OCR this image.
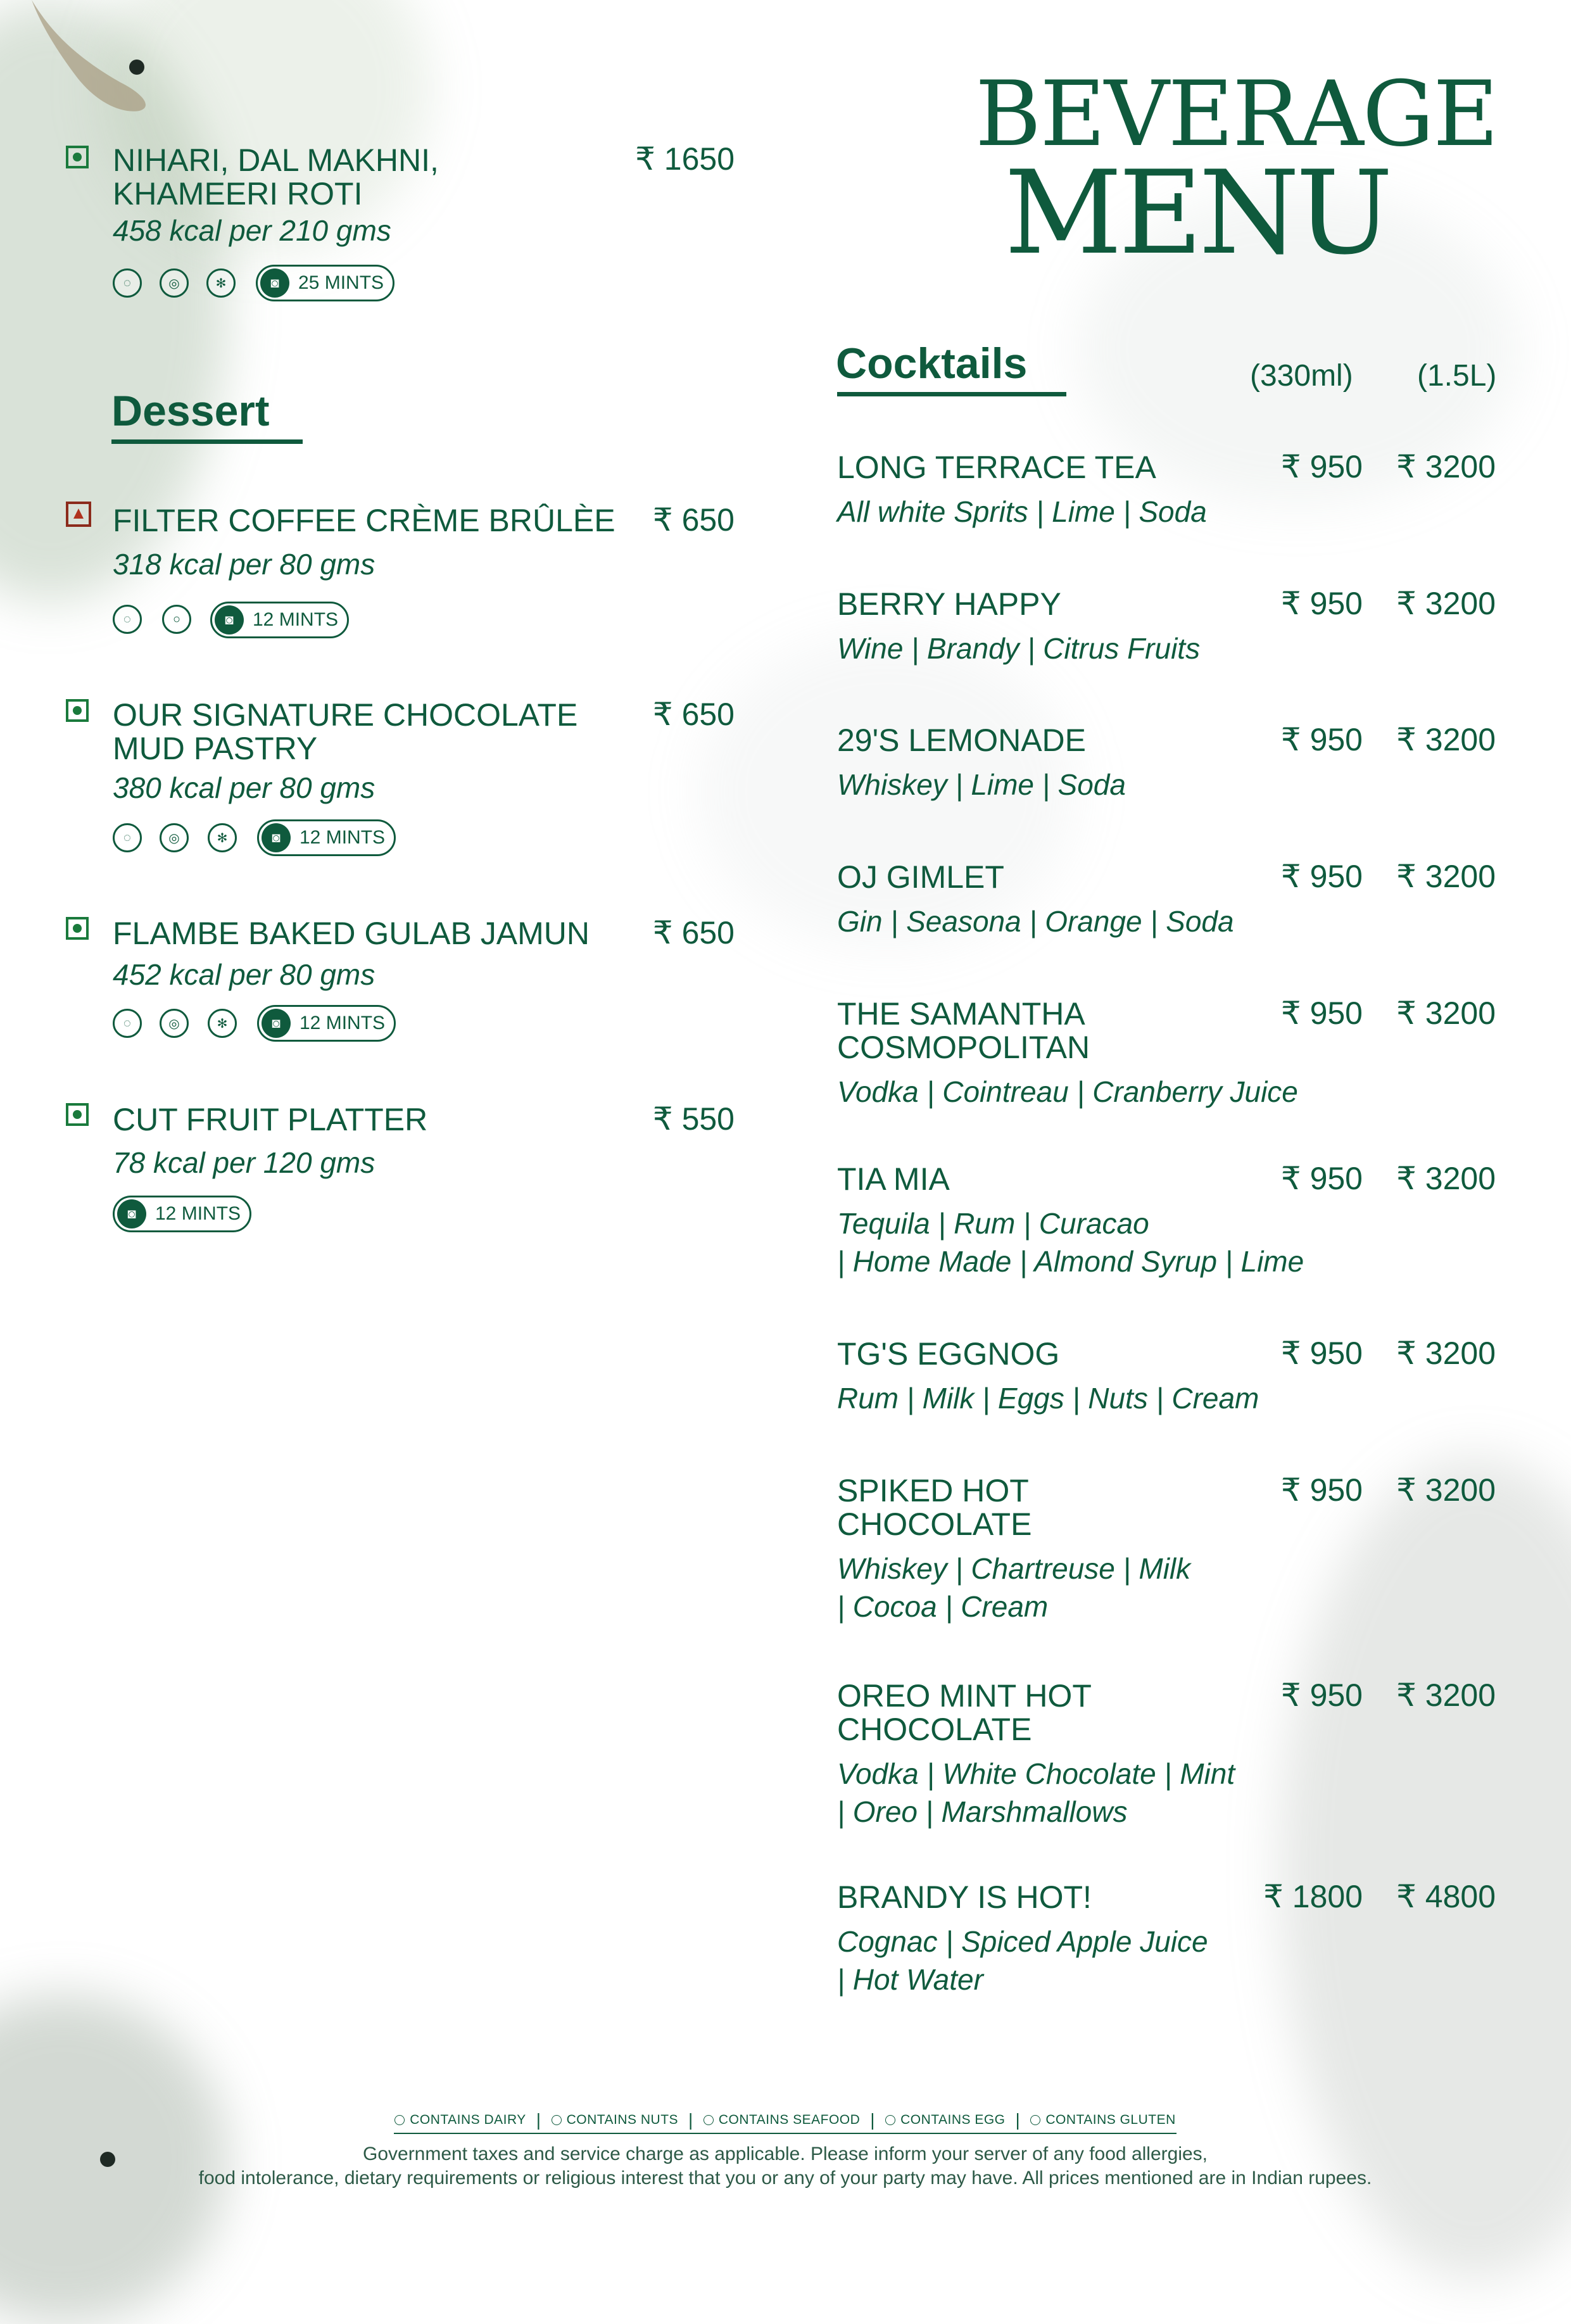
BEVERAGE
MENU
NIHARI, DAL MAKHNI,
KHAMEERI ROTI
₹ 1650
458 kcal per 210 gms
◌	◎	✻	◙	25 MINTS
Dessert
FILTER COFFEE CRÈME BRÛLÈE	₹ 650
318 kcal per 80 gms
◌	○	◙	12 MINTS
OUR SIGNATURE CHOCOLATE
MUD PASTRY
₹ 650
380 kcal per 80 gms
◌	◎	✻	◙	12 MINTS
FLAMBE BAKED GULAB JAMUN	₹ 650
452 kcal per 80 gms
◌	◎	✻	◙	12 MINTS
CUT FRUIT PLATTER	₹ 550
78 kcal per 120 gms
◙	12 MINTS
Cocktails	(330ml) (1.5L)
LONG TERRACE TEA	₹ 950	₹ 3200
All white Sprits | Lime | Soda
BERRY HAPPY	₹ 950	₹ 3200
Wine | Brandy | Citrus Fruits
29'S LEMONADE	₹ 950	₹ 3200
Whiskey | Lime | Soda
OJ GIMLET	₹ 950	₹ 3200
Gin | Seasona | Orange | Soda
THE SAMANTHA
COSMOPOLITAN
₹ 950	₹ 3200
Vodka | Cointreau | Cranberry Juice
TIA MIA	₹ 950	₹ 3200
Tequila | Rum | Curacao
| Home Made | Almond Syrup | Lime
TG'S EGGNOG	₹ 950	₹ 3200
Rum | Milk | Eggs | Nuts | Cream
SPIKED HOT
CHOCOLATE
₹ 950	₹ 3200
Whiskey | Chartreuse | Milk
| Cocoa | Cream
OREO MINT HOT
CHOCOLATE
₹ 950	₹ 3200
Vodka | White Chocolate | Mint
| Oreo | Marshmallows
BRANDY IS HOT!	₹ 1800	₹ 4800
Cognac | Spiced Apple Juice
| Hot Water
CONTAINS DAIRY | CONTAINS NUTS | CONTAINS SEAFOOD | CONTAINS EGG | CONTAINS GLUTEN
Government taxes and service charge as applicable. Please inform your server of any food allergies,
food intolerance, dietary requirements or religious interest that you or any of your party may have. All prices mentioned are in Indian rupees.
